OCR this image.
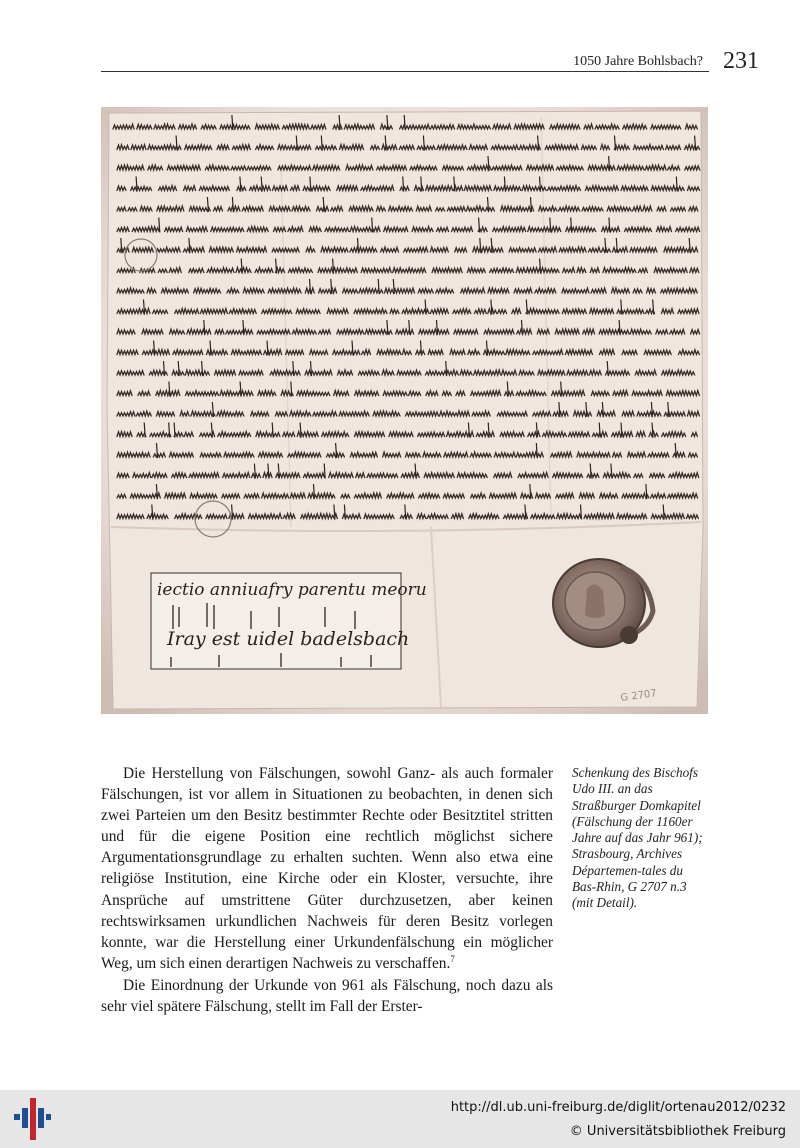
1050 Jahre Bohlsbach? 231
iectio anniuafry parentu meoru
Iray est uidel badelsbach
G 2707

Die Herstellung von Fälschungen, sowohl Ganz- als auch formaler Fälschungen, ist vor allem in Situationen zu beobachten, in denen sich zwei Parteien um den Besitz bestimmter Rechte oder Besitztitel stritten und für die eigene Position eine rechtlich möglichst sichere Argumentationsgrundlage zu erhalten suchten. Wenn also etwa eine religiöse Institution, eine Kirche oder ein Kloster, versuchte, ihre Ansprüche auf umstrittene Güter durchzusetzen, aber keinen rechtswirksamen urkundlichen Nachweis für deren Besitz vorlegen konnte, war die Herstellung einer Urkundenfälschung ein möglicher Weg, um sich einen derartigen Nachweis zu verschaffen.$^7$

Die Einordnung der Urkunde von 961 als Fälschung, noch dazu als sehr viel spätere Fälschung, stellt im Fall der Erster-

Schenkung des Bischofs Udo III. an das Straßburger Domkapitel (Fälschung der 1160er Jahre auf das Jahr 961); Strasbourg, Archives Départemen-tales du Bas-Rhin, G 2707 n.3 (mit Detail).
http://dl.ub.uni-freiburg.de/diglit/ortenau2012/0232
© Universitätsbibliothek Freiburg
